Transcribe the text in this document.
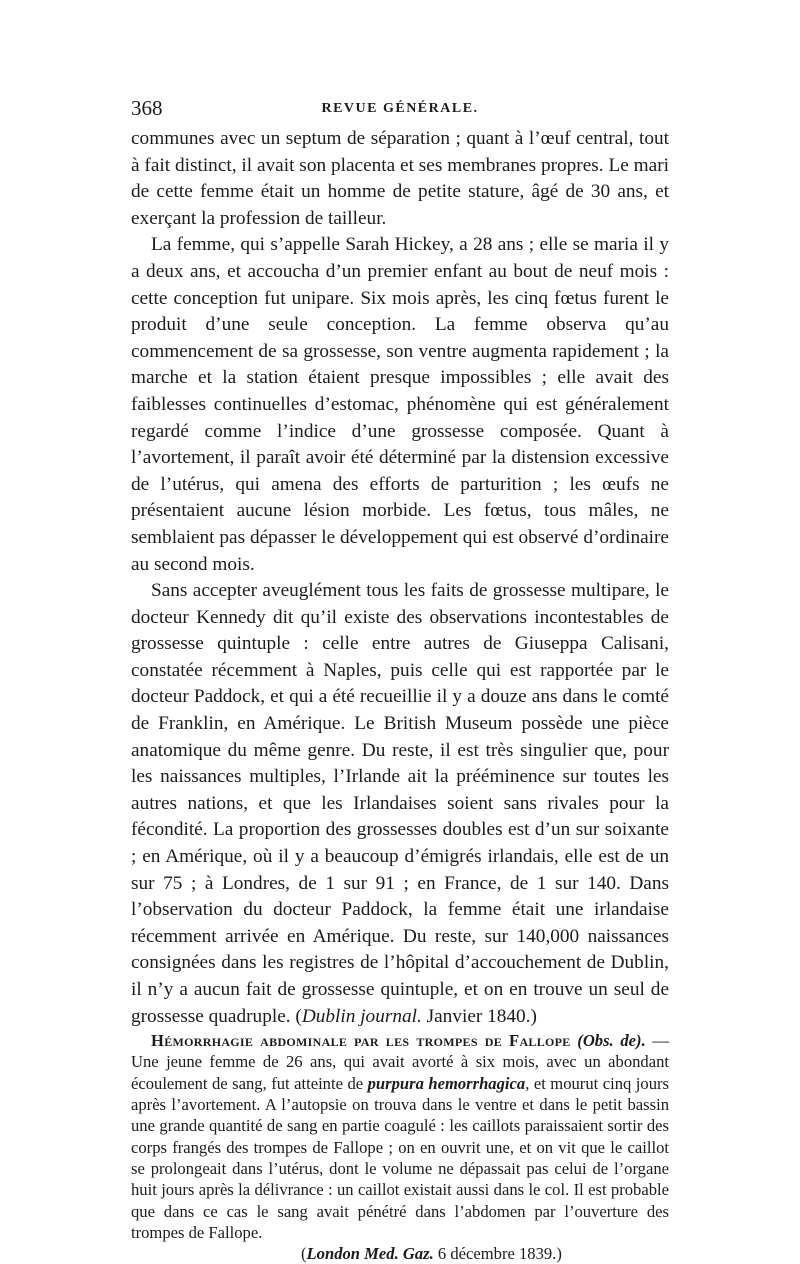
368	REVUE GÉNÉRALE.

communes avec un septum de séparation ; quant à l’œuf central, tout à fait distinct, il avait son placenta et ses membranes propres. Le mari de cette femme était un homme de petite stature, âgé de 30 ans, et exerçant la profession de tailleur.

La femme, qui s’appelle Sarah Hickey, a 28 ans ; elle se maria il y a deux ans, et accoucha d’un premier enfant au bout de neuf mois : cette conception fut unipare. Six mois après, les cinq fœtus furent le produit d’une seule conception. La femme observa qu’au commencement de sa grossesse, son ventre augmenta rapidement ; la marche et la station étaient presque impossibles ; elle avait des faiblesses continuelles d’estomac, phénomène qui est généralement regardé comme l’indice d’une grossesse composée. Quant à l’avortement, il paraît avoir été déterminé par la distension excessive de l’utérus, qui amena des efforts de parturition ; les œufs ne présentaient aucune lésion morbide. Les fœtus, tous mâles, ne semblaient pas dépasser le développement qui est observé d’ordinaire au second mois.

Sans accepter aveuglément tous les faits de grossesse multipare, le docteur Kennedy dit qu’il existe des observations incontestables de grossesse quintuple : celle entre autres de Giuseppa Calisani, constatée récemment à Naples, puis celle qui est rapportée par le docteur Paddock, et qui a été recueillie il y a douze ans dans le comté de Franklin, en Amérique. Le British Museum possède une pièce anatomique du même genre. Du reste, il est très singulier que, pour les naissances multiples, l’Irlande ait la prééminence sur toutes les autres nations, et que les Irlandaises soient sans rivales pour la fécondité. La proportion des grossesses doubles est d’un sur soixante ; en Amérique, où il y a beaucoup d’émigrés irlandais, elle est de un sur 75 ; à Londres, de 1 sur 91 ; en France, de 1 sur 140. Dans l’observation du docteur Paddock, la femme était une irlandaise récemment arrivée en Amérique. Du reste, sur 140,000 naissances consignées dans les registres de l’hôpital d’accouchement de Dublin, il n’y a aucun fait de grossesse quintuple, et on en trouve un seul de grossesse quadruple. (Dublin journal. Janvier 1840.)

Hémorrhagie abdominale par les trompes de Fallope (Obs. de). — Une jeune femme de 26 ans, qui avait avorté à six mois, avec un abondant écoulement de sang, fut atteinte de purpura hemorrhagica, et mourut cinq jours après l’avortement. A l’autopsie on trouva dans le ventre et dans le petit bassin une grande quantité de sang en partie coagulé : les caillots paraissaient sortir des corps frangés des trompes de Fallope ; on en ouvrit une, et on vit que le caillot se prolongeait dans l’utérus, dont le volume ne dépassait pas celui de l’organe huit jours après la délivrance : un caillot existait aussi dans le col. Il est probable que dans ce cas le sang avait pénétré dans l’abdomen par l’ouverture des trompes de Fallope.

(London Med. Gaz. 6 décembre 1839.)
